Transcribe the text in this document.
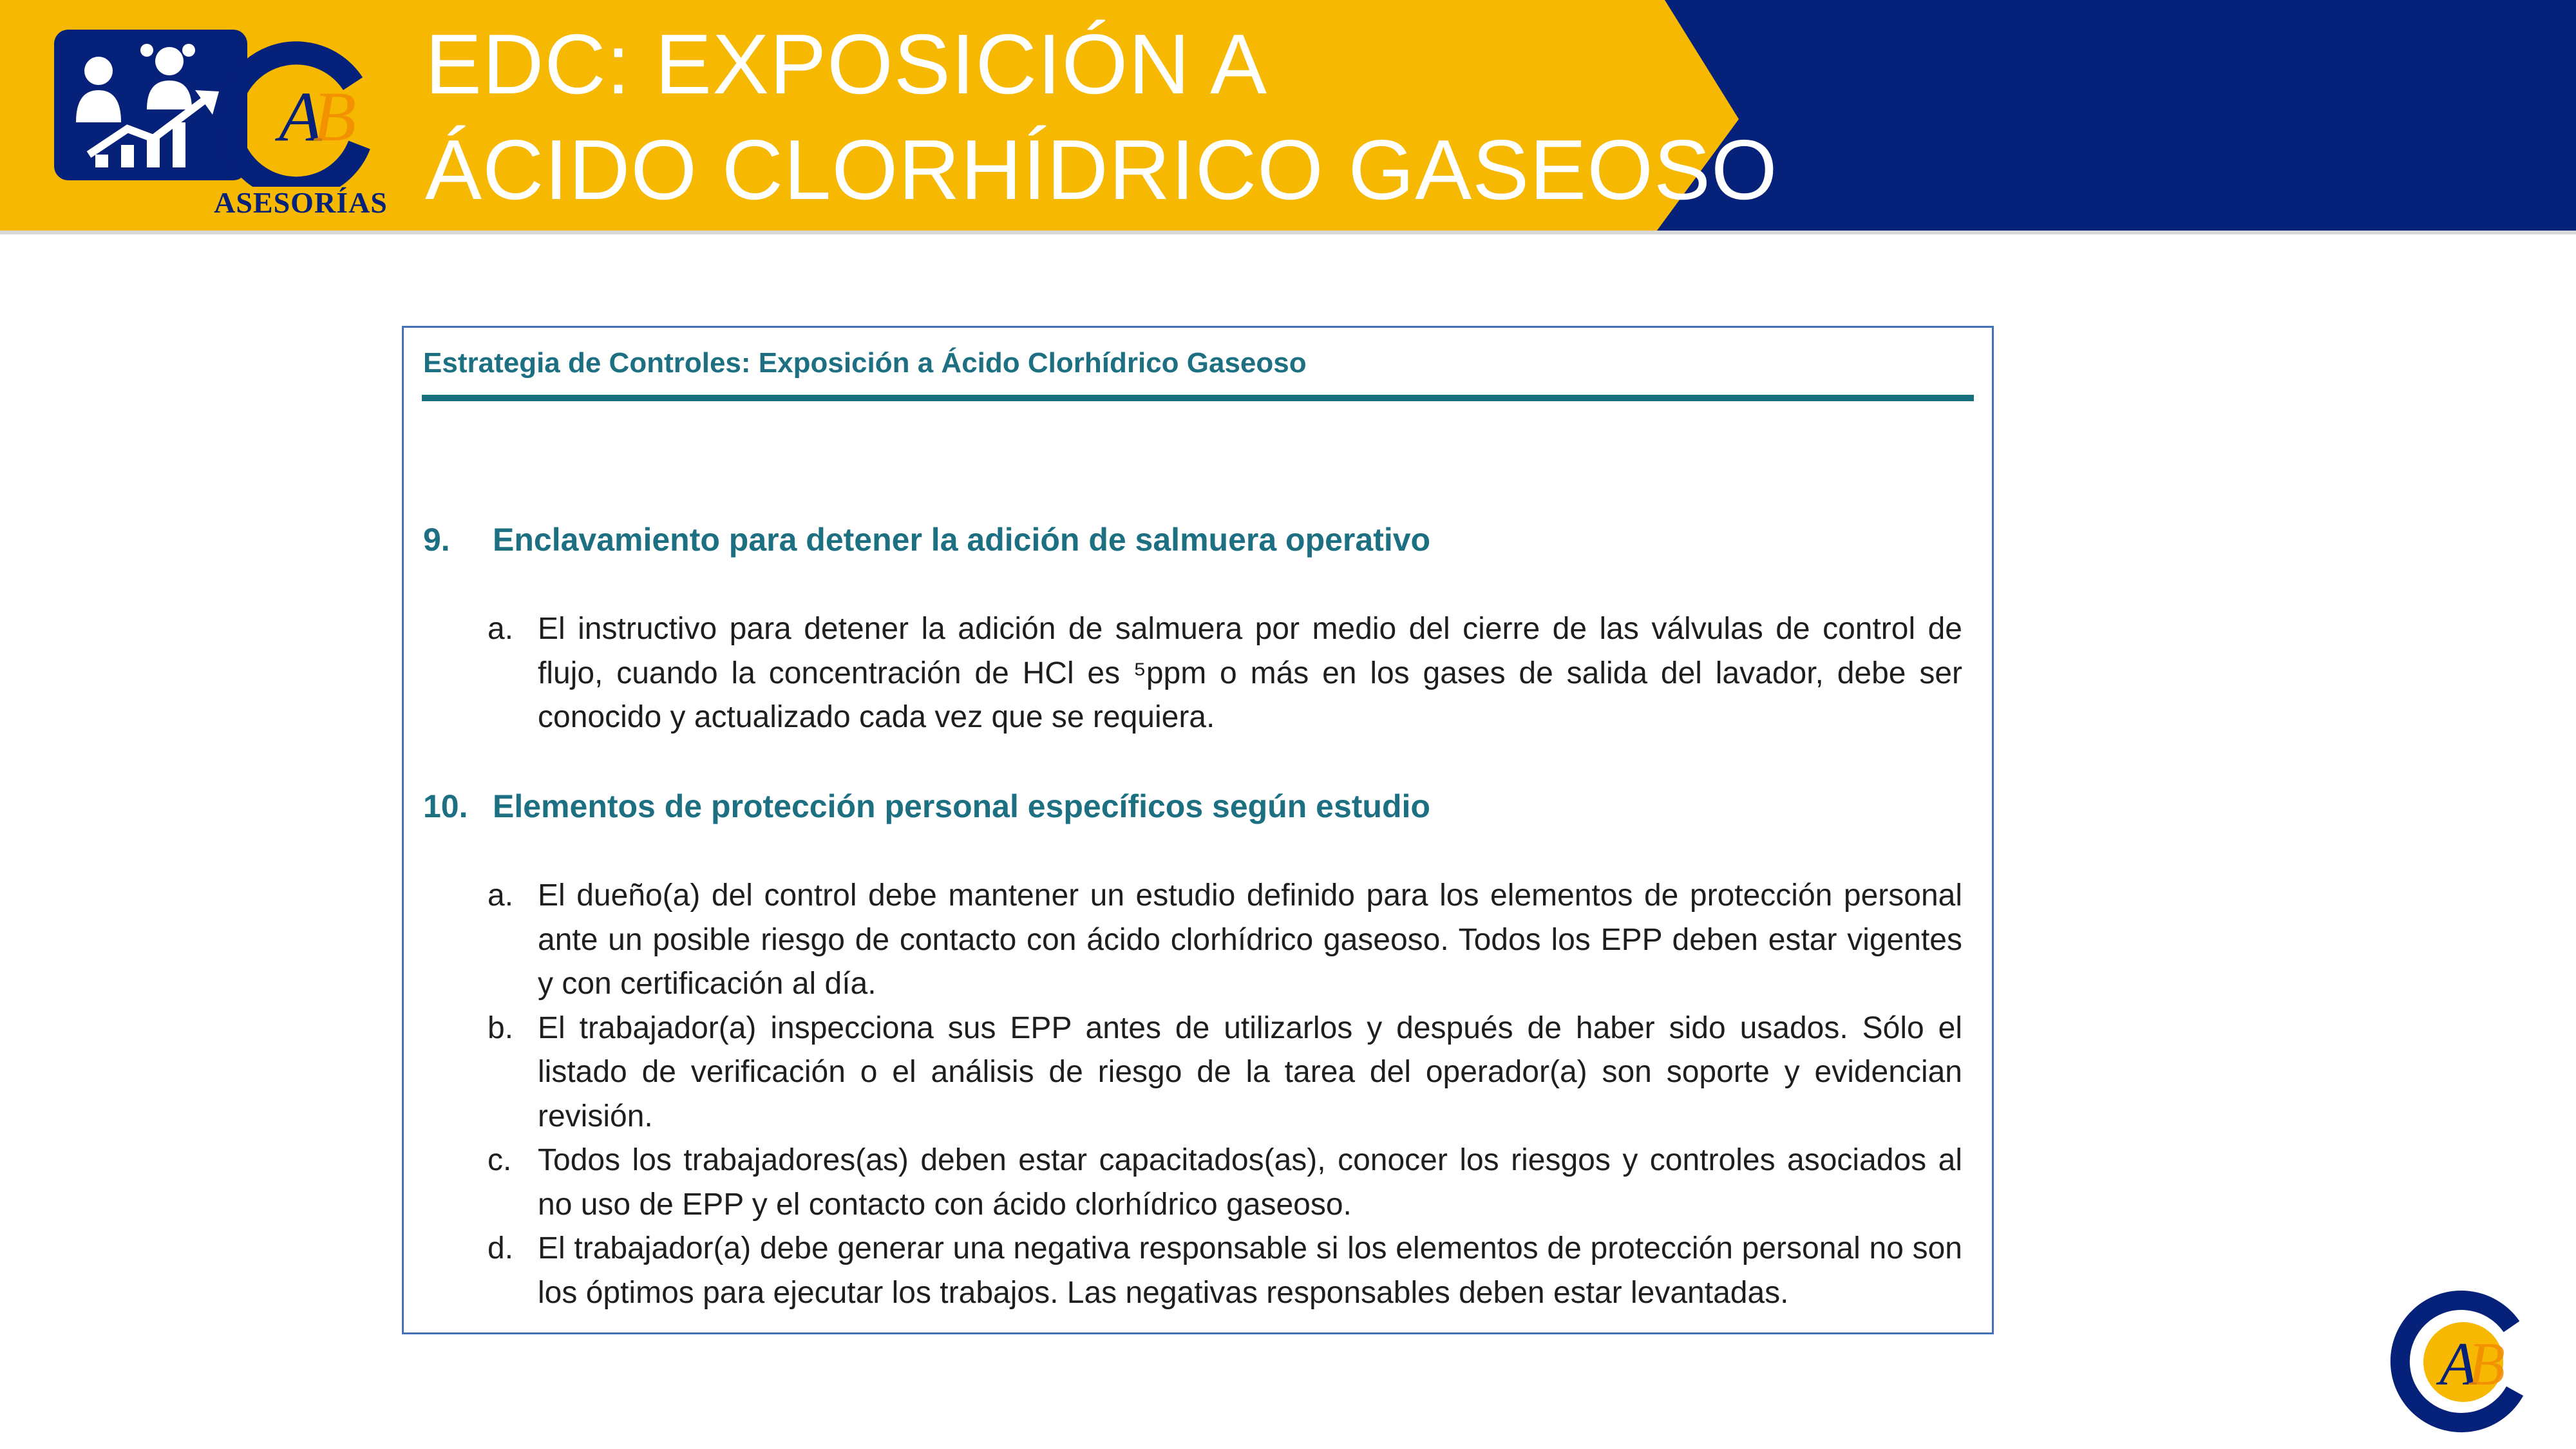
A
B
ASESORÍAS
EDC: EXPOSICIÓN A
ÁCIDO CLORHÍDRICO GASEOSO
Estrategia de Controles: Exposición a Ácido Clorhídrico Gaseoso
9. Enclavamiento para detener la adición de salmuera operativo
a. El instructivo para detener la adición de salmuera por medio del cierre de las válvulas de control de flujo, cuando la concentración de HCl es ⁵ppm o más en los gases de salida del lavador, debe ser conocido y actualizado cada vez que se requiera.
10. Elementos de protección personal específicos según estudio
a. El dueño(a) del control debe mantener un estudio definido para los elementos de protección personal ante un posible riesgo de contacto con ácido clorhídrico gaseoso. Todos los EPP deben estar vigentes y con certificación al día.
b. El trabajador(a) inspecciona sus EPP antes de utilizarlos y después de haber sido usados. Sólo el listado de verificación o el análisis de riesgo de la tarea del operador(a) son soporte y evidencian revisión.
c. Todos los trabajadores(as) deben estar capacitados(as), conocer los riesgos y controles asociados al no uso de EPP y el contacto con ácido clorhídrico gaseoso.
d. El trabajador(a) debe generar una negativa responsable si los elementos de protección personal no son los óptimos para ejecutar los trabajos. Las negativas responsables deben estar levantadas.
A
B
